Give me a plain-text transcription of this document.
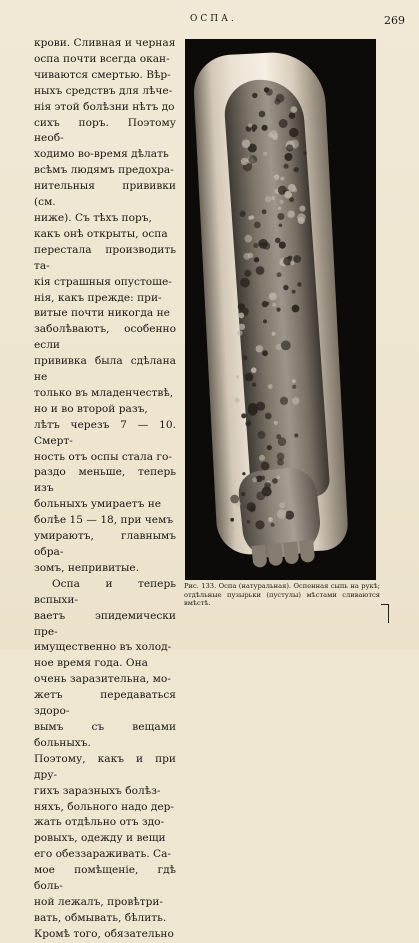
ОСПА.	269

крови. Сливная и черная

оспа почти всегда окан-

чиваются смертью. Вѣр-

ныхъ средствъ для лѣче-

нія этой болѣзни нѣтъ до

сихъ поръ. Поэтому необ-

ходимо во-время дѣлать

всѣмъ людямъ предохра-

нительныя прививки (см.

ниже). Съ тѣхъ поръ,

какъ онѣ открыты, оспа

перестала производить та-

кія страшныя опустоше-

нія, какъ прежде: при-

витые почти никогда не

заболѣваютъ, особенно если

прививка была сдѣлана не

только въ младенчествѣ,

но и во второй разъ,

лѣтъ черезъ 7 — 10. Смерт-

ность отъ оспы стала го-

раздо меньше, теперь изъ

больныхъ умираетъ не

болѣе 15 — 18, при чемъ

умираютъ, главнымъ обра-

зомъ, непривитые.

Оспа и теперь вспыхи-

ваетъ эпидемически пре-

имущественно въ холод-

ное время года. Она

очень заразительна, мо-

жетъ передаваться здоро-

вымъ съ вещами больныхъ.

Поэтому, какъ и при дру-

гихъ заразныхъ болѣз-

няхъ, больного надо дер-

жать отдѣльно отъ здо-

ровыхъ, одежду и вещи

его обеззараживать. Са-

мое помѣщеніе, гдѣ боль-

ной лежалъ, провѣтри-

вать, обмывать, бѣлить.

Кромѣ того, обязательно

Рис. 133. Оспа (натуральная). Оспенная сыпь на рукѣ; отдѣльные пузырьки (пустулы) мѣстами сливаются вмѣстѣ.
